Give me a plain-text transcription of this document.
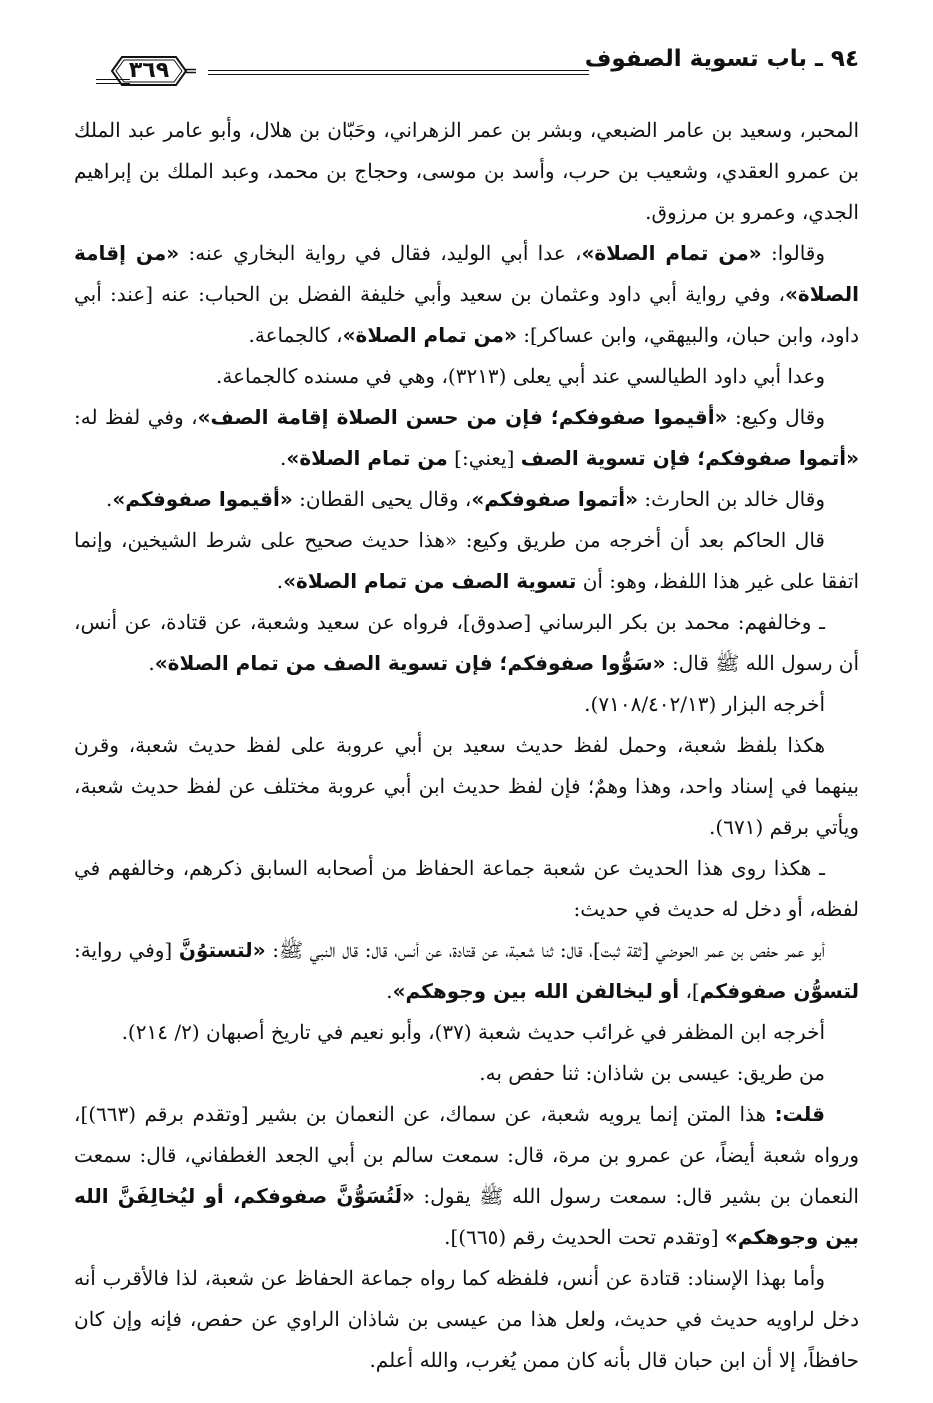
٩٤ ـ باب تسوية الصفوف
٣٦٩

المحبر، وسعيد بن عامر الضبعي، وبشر بن عمر الزهراني، وحَبّان بن هلال، وأبو عامر عبد الملك بن عمرو العقدي، وشعيب بن حرب، وأسد بن موسى، وحجاج بن محمد، وعبد الملك بن إبراهيم الجدي، وعمرو بن مرزوق.

وقالوا: «من تمام الصلاة»، عدا أبي الوليد، فقال في رواية البخاري عنه: «من إقامة الصلاة»، وفي رواية أبي داود وعثمان بن سعيد وأبي خليفة الفضل بن الحباب: عنه [عند: أبي داود، وابن حبان، والبيهقي، وابن عساكر]: «من تمام الصلاة»، كالجماعة.

وعدا أبي داود الطيالسي عند أبي يعلى (٣٢١٣)، وهي في مسنده كالجماعة.

وقال وكيع: «أقيموا صفوفكم؛ فإن من حسن الصلاة إقامة الصف»، وفي لفظ له: «أتموا صفوفكم؛ فإن تسوية الصف [يعني:] من تمام الصلاة».

وقال خالد بن الحارث: «أتموا صفوفكم»، وقال يحيى القطان: «أقيموا صفوفكم».

قال الحاكم بعد أن أخرجه من طريق وكيع: «هذا حديث صحيح على شرط الشيخين، وإنما اتفقا على غير هذا اللفظ، وهو: أن تسوية الصف من تمام الصلاة».

ـ وخالفهم: محمد بن بكر البرساني [صدوق]، فرواه عن سعيد وشعبة، عن قتادة، عن أنس، أن رسول الله ﷺ قال: «سَوُّوا صفوفكم؛ فإن تسوية الصف من تمام الصلاة».

أخرجه البزار (٧١٠٨/٤٠٢/١٣).

هكذا بلفظ شعبة، وحمل لفظ حديث سعيد بن أبي عروبة على لفظ حديث شعبة، وقرن بينهما في إسناد واحد، وهذا وهمٌ؛ فإن لفظ حديث ابن أبي عروبة مختلف عن لفظ حديث شعبة، ويأتي برقم (٦٧١).

ـ هكذا روى هذا الحديث عن شعبة جماعة الحفاظ من أصحابه السابق ذكرهم، وخالفهم في لفظه، أو دخل له حديث في حديث:

أبو عمر حفص بن عمر الحوضي [ثقة ثبت]، قال: ثنا شعبة، عن قتادة، عن أنس، قال: قال النبي ﷺ: «لتستوُنَّ [وفي رواية: لتسوُّن صفوفكم]، أو ليخالفن الله بين وجوهكم».

أخرجه ابن المظفر في غرائب حديث شعبة (٣٧)، وأبو نعيم في تاريخ أصبهان (٢/ ٢١٤).

من طريق: عيسى بن شاذان: ثنا حفص به.

قلت: هذا المتن إنما يرويه شعبة، عن سماك، عن النعمان بن بشير [وتقدم برقم (٦٦٣)]، ورواه شعبة أيضاً، عن عمرو بن مرة، قال: سمعت سالم بن أبي الجعد الغطفاني، قال: سمعت النعمان بن بشير قال: سمعت رسول الله ﷺ يقول: «لَتُسَوُّنَّ صفوفكم، أو ليُخالِفَنَّ الله بين وجوهكم» [وتقدم تحت الحديث رقم (٦٦٥)].

وأما بهذا الإسناد: قتادة عن أنس، فلفظه كما رواه جماعة الحفاظ عن شعبة، لذا فالأقرب أنه دخل لراويه حديث في حديث، ولعل هذا من عيسى بن شاذان الراوي عن حفص، فإنه وإن كان حافظاً، إلا أن ابن حبان قال بأنه كان ممن يُغرب، والله أعلم.
